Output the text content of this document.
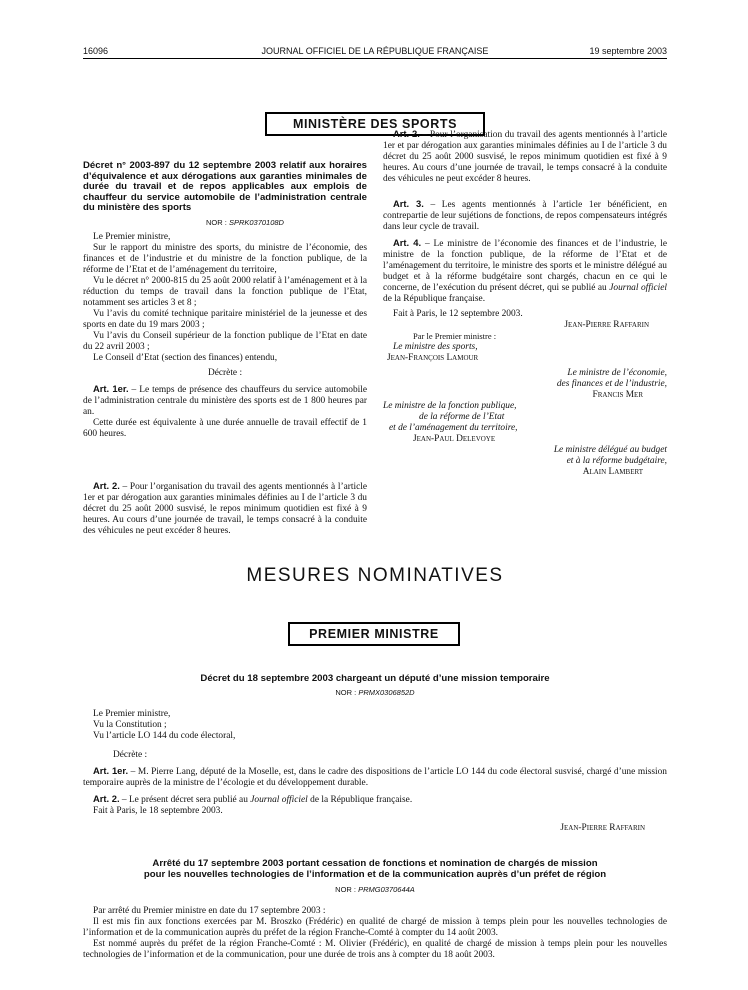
16096	JOURNAL OFFICIEL DE LA RÉPUBLIQUE FRANÇAISE	19 septembre 2003
MINISTÈRE DES SPORTS
Décret n° 2003-897 du 12 septembre 2003 relatif aux horaires d’équivalence et aux dérogations aux garanties minimales de durée du travail et de repos applicables aux emplois de chauffeur du service automobile de l’administration centrale du ministère des sports
NOR : SPRK0370108D

Le Premier ministre,

Sur le rapport du ministre des sports, du ministre de l’économie, des finances et de l’industrie et du ministre de la fonction publique, de la réforme de l’Etat et de l’aménagement du territoire,

Vu le décret n° 2000-815 du 25 août 2000 relatif à l’aménagement et à la réduction du temps de travail dans la fonction publique de l’Etat, notamment ses articles 3 et 8 ;

Vu l’avis du comité technique paritaire ministériel de la jeunesse et des sports en date du 19 mars 2003 ;

Vu l’avis du Conseil supérieur de la fonction publique de l’Etat en date du 22 avril 2003 ;

Le Conseil d’Etat (section des finances) entendu,

Décrète :

Art. 1er. – Le temps de présence des chauffeurs du service automobile de l’administration centrale du ministère des sports est de 1 800 heures par an.

Cette durée est équivalente à une durée annuelle de travail effectif de 1 600 heures.

Art. 2. – Pour l’organisation du travail des agents mentionnés à l’article 1er et par dérogation aux garanties minimales définies au I de l’article 3 du décret du 25 août 2000 susvisé, le repos minimum quotidien est fixé à 9 heures. Au cours d’une journée de travail, le temps consacré à la conduite des véhicules ne peut excéder 8 heures.

Art. 2. – Pour l’organisation du travail des agents mentionnés à l’article 1er et par dérogation aux garanties minimales définies au I de l’article 3 du décret du 25 août 2000 susvisé, le repos minimum quotidien est fixé à 9 heures. Au cours d’une journée de travail, le temps consacré à la conduite des véhicules ne peut excéder 8 heures.

Art. 3. – Les agents mentionnés à l’article 1er bénéficient, en contrepartie de leur sujétions de fonctions, de repos compensateurs intégrés dans leur cycle de travail.

Art. 4. – Le ministre de l’économie des finances et de l’industrie, le ministre de la fonction publique, de la réforme de l’Etat et de l’aménagement du territoire, le ministre des sports et le ministre délégué au budget et à la réforme budgétaire sont chargés, chacun en ce qui le concerne, de l’exécution du présent décret, qui se publié au Journal officiel de la République française.

Fait à Paris, le 12 septembre 2003.

Jean-Pierre Raffarin

Par le Premier ministre :

Le ministre des sports,

Jean-François Lamour

Le ministre de l’économie,

des finances et de l’industrie,

Francis Mer

Le ministre de la fonction publique,

de la réforme de l’Etat

et de l’aménagement du territoire,

Jean-Paul Delevoye

Le ministre délégué au budget

et à la réforme budgétaire,

Alain Lambert

MESURES NOMINATIVES
PREMIER MINISTRE
Décret du 18 septembre 2003 chargeant un député d’une mission temporaire
NOR : PRMX0306852D

Le Premier ministre,

Vu la Constitution ;

Vu l’article LO 144 du code électoral,

Décrète :

Art. 1er. – M. Pierre Lang, député de la Moselle, est, dans le cadre des dispositions de l’article LO 144 du code électoral susvisé, chargé d’une mission temporaire auprès de la ministre de l’écologie et du développement durable.

Art. 2. – Le présent décret sera publié au Journal officiel de la République française.

Fait à Paris, le 18 septembre 2003.

Jean-Pierre Raffarin

Arrêté du 17 septembre 2003 portant cessation de fonctions et nomination de chargés de mission
pour les nouvelles technologies de l’information et de la communication auprès d’un préfet de région
NOR : PRMG0370644A

Par arrêté du Premier ministre en date du 17 septembre 2003 :

Il est mis fin aux fonctions exercées par M. Broszko (Frédéric) en qualité de chargé de mission à temps plein pour les nouvelles technologies de l’information et de la communication auprès du préfet de la région Franche-Comté à compter du 14 août 2003.

Est nommé auprès du préfet de la région Franche-Comté : M. Olivier (Frédéric), en qualité de chargé de mission à temps plein pour les nouvelles technologies de l’information et de la communication, pour une durée de trois ans à compter du 18 août 2003.
